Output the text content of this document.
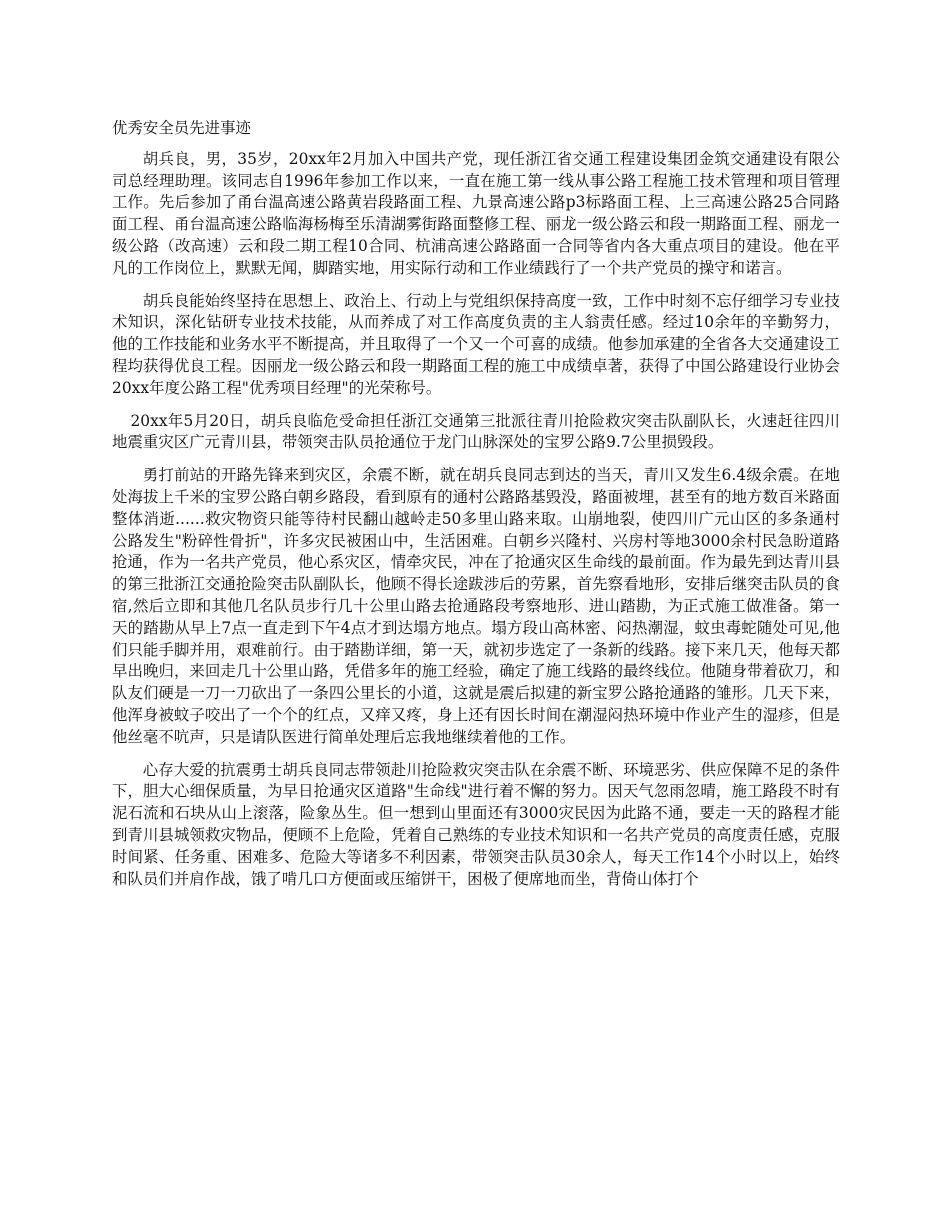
优秀安全员先进事迹

胡兵良，男，35岁，20xx年2月加入中国共产党，现任浙江省交通工程建设集团金筑交通建设有限公司总经理助理。该同志自1996年参加工作以来，一直在施工第一线从事公路工程施工技术管理和项目管理工作。先后参加了甬台温高速公路黄岩段路面工程、九景高速公路p3标路面工程、上三高速公路25合同路面工程、甬台温高速公路临海杨梅至乐清湖雾街路面整修工程、丽龙一级公路云和段一期路面工程、丽龙一级公路（改高速）云和段二期工程10合同、杭浦高速公路路面一合同等省内各大重点项目的建设。他在平凡的工作岗位上，默默无闻，脚踏实地，用实际行动和工作业绩践行了一个共产党员的操守和诺言。

胡兵良能始终坚持在思想上、政治上、行动上与党组织保持高度一致，工作中时刻不忘仔细学习专业技术知识，深化钻研专业技术技能，从而养成了对工作高度负责的主人翁责任感。经过10余年的辛勤努力，他的工作技能和业务水平不断提高，并且取得了一个又一个可喜的成绩。他参加承建的全省各大交通建设工程均获得优良工程。因丽龙一级公路云和段一期路面工程的施工中成绩卓著，获得了中国公路建设行业协会20xx年度公路工程"优秀项目经理"的光荣称号。

20xx年5月20日，胡兵良临危受命担任浙江交通第三批派往青川抢险救灾突击队副队长，火速赶往四川地震重灾区广元青川县，带领突击队员抢通位于龙门山脉深处的宝罗公路9.7公里损毁段。

勇打前站的开路先锋来到灾区，余震不断，就在胡兵良同志到达的当天，青川又发生6.4级余震。在地处海拔上千米的宝罗公路白朝乡路段，看到原有的通村公路路基毁没，路面被埋，甚至有的地方数百米路面整体消逝......救灾物资只能等待村民翻山越岭走50多里山路来取。山崩地裂，使四川广元山区的多条通村公路发生"粉碎性骨折"，许多灾民被困山中，生活困难。白朝乡兴隆村、兴房村等地3000余村民急盼道路抢通，作为一名共产党员，他心系灾区，情牵灾民，冲在了抢通灾区生命线的最前面。作为最先到达青川县的第三批浙江交通抢险突击队副队长，他顾不得长途跋涉后的劳累，首先察看地形，安排后继突击队员的食宿,然后立即和其他几名队员步行几十公里山路去抢通路段考察地形、进山踏勘，为正式施工做准备。第一天的踏勘从早上7点一直走到下午4点才到达塌方地点。塌方段山高林密、闷热潮湿，蚊虫毒蛇随处可见,他们只能手脚并用，艰难前行。由于踏勘详细，第一天，就初步选定了一条新的线路。接下来几天，他每天都早出晚归，来回走几十公里山路，凭借多年的施工经验，确定了施工线路的最终线位。他随身带着砍刀，和队友们硬是一刀一刀砍出了一条四公里长的小道，这就是震后拟建的新宝罗公路抢通路的雏形。几天下来，他浑身被蚊子咬出了一个个的红点，又痒又疼，身上还有因长时间在潮湿闷热环境中作业产生的湿疹，但是他丝毫不吭声，只是请队医进行简单处理后忘我地继续着他的工作。

心存大爱的抗震勇士胡兵良同志带领赴川抢险救灾突击队在余震不断、环境恶劣、供应保障不足的条件下，胆大心细保质量，为早日抢通灾区道路"生命线"进行着不懈的努力。因天气忽雨忽晴，施工路段不时有泥石流和石块从山上滚落，险象丛生。但一想到山里面还有3000灾民因为此路不通，要走一天的路程才能到青川县城领救灾物品，便顾不上危险，凭着自己熟练的专业技术知识和一名共产党员的高度责任感，克服时间紧、任务重、困难多、危险大等诸多不利因素，带领突击队员30余人，每天工作14个小时以上，始终和队员们并肩作战，饿了啃几口方便面或压缩饼干，困极了便席地而坐，背倚山体打个
